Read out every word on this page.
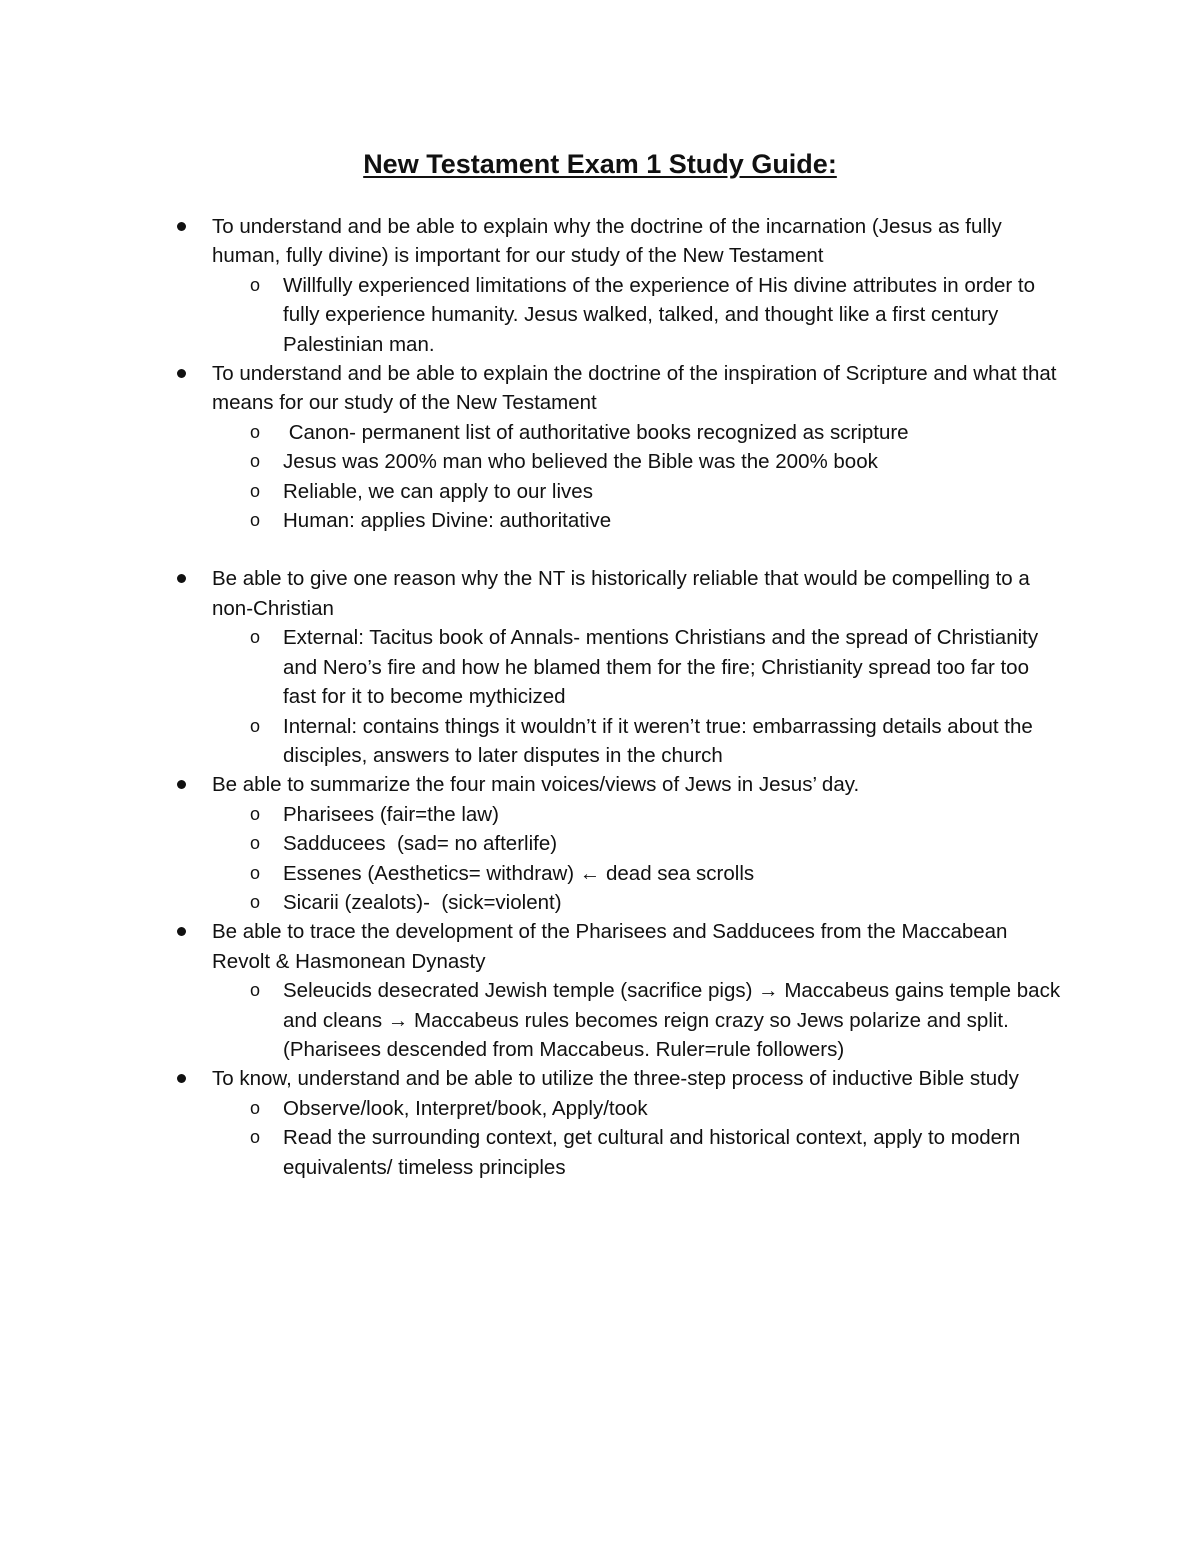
New Testament Exam 1 Study Guide:

To understand and be able to explain why the doctrine of the incarnation (Jesus as fully human, fully divine) is important for our study of the New Testament

o Willfully experienced limitations of the experience of His divine attributes in order to fully experience humanity. Jesus walked, talked, and thought like a first century Palestinian man.

To understand and be able to explain the doctrine of the inspiration of Scripture and what that means for our study of the New Testament

o Canon- permanent list of authoritative books recognized as scripture

o Jesus was 200% man who believed the Bible was the 200% book

o Reliable, we can apply to our lives

o Human: applies Divine: authoritative

Be able to give one reason why the NT is historically reliable that would be compelling to a non-Christian

o External: Tacitus book of Annals- mentions Christians and the spread of Christianity and Nero’s fire and how he blamed them for the fire; Christianity spread too far too fast for it to become mythicized

o Internal: contains things it wouldn’t if it weren’t true: embarrassing details about the disciples, answers to later disputes in the church

Be able to summarize the four main voices/views of Jews in Jesus’ day.

o Pharisees (fair=the law)

o Sadducees  (sad= no afterlife)

o Essenes (Aesthetics= withdraw) ← dead sea scrolls

o Sicarii (zealots)-  (sick=violent)

Be able to trace the development of the Pharisees and Sadducees from the Maccabean Revolt & Hasmonean Dynasty

o Seleucids desecrated Jewish temple (sacrifice pigs) → Maccabeus gains temple back and cleans → Maccabeus rules becomes reign crazy so Jews polarize and split. (Pharisees descended from Maccabeus. Ruler=rule followers)

To know, understand and be able to utilize the three-step process of inductive Bible study

o Observe/look, Interpret/book, Apply/took

o Read the surrounding context, get cultural and historical context, apply to modern equivalents/ timeless principles
